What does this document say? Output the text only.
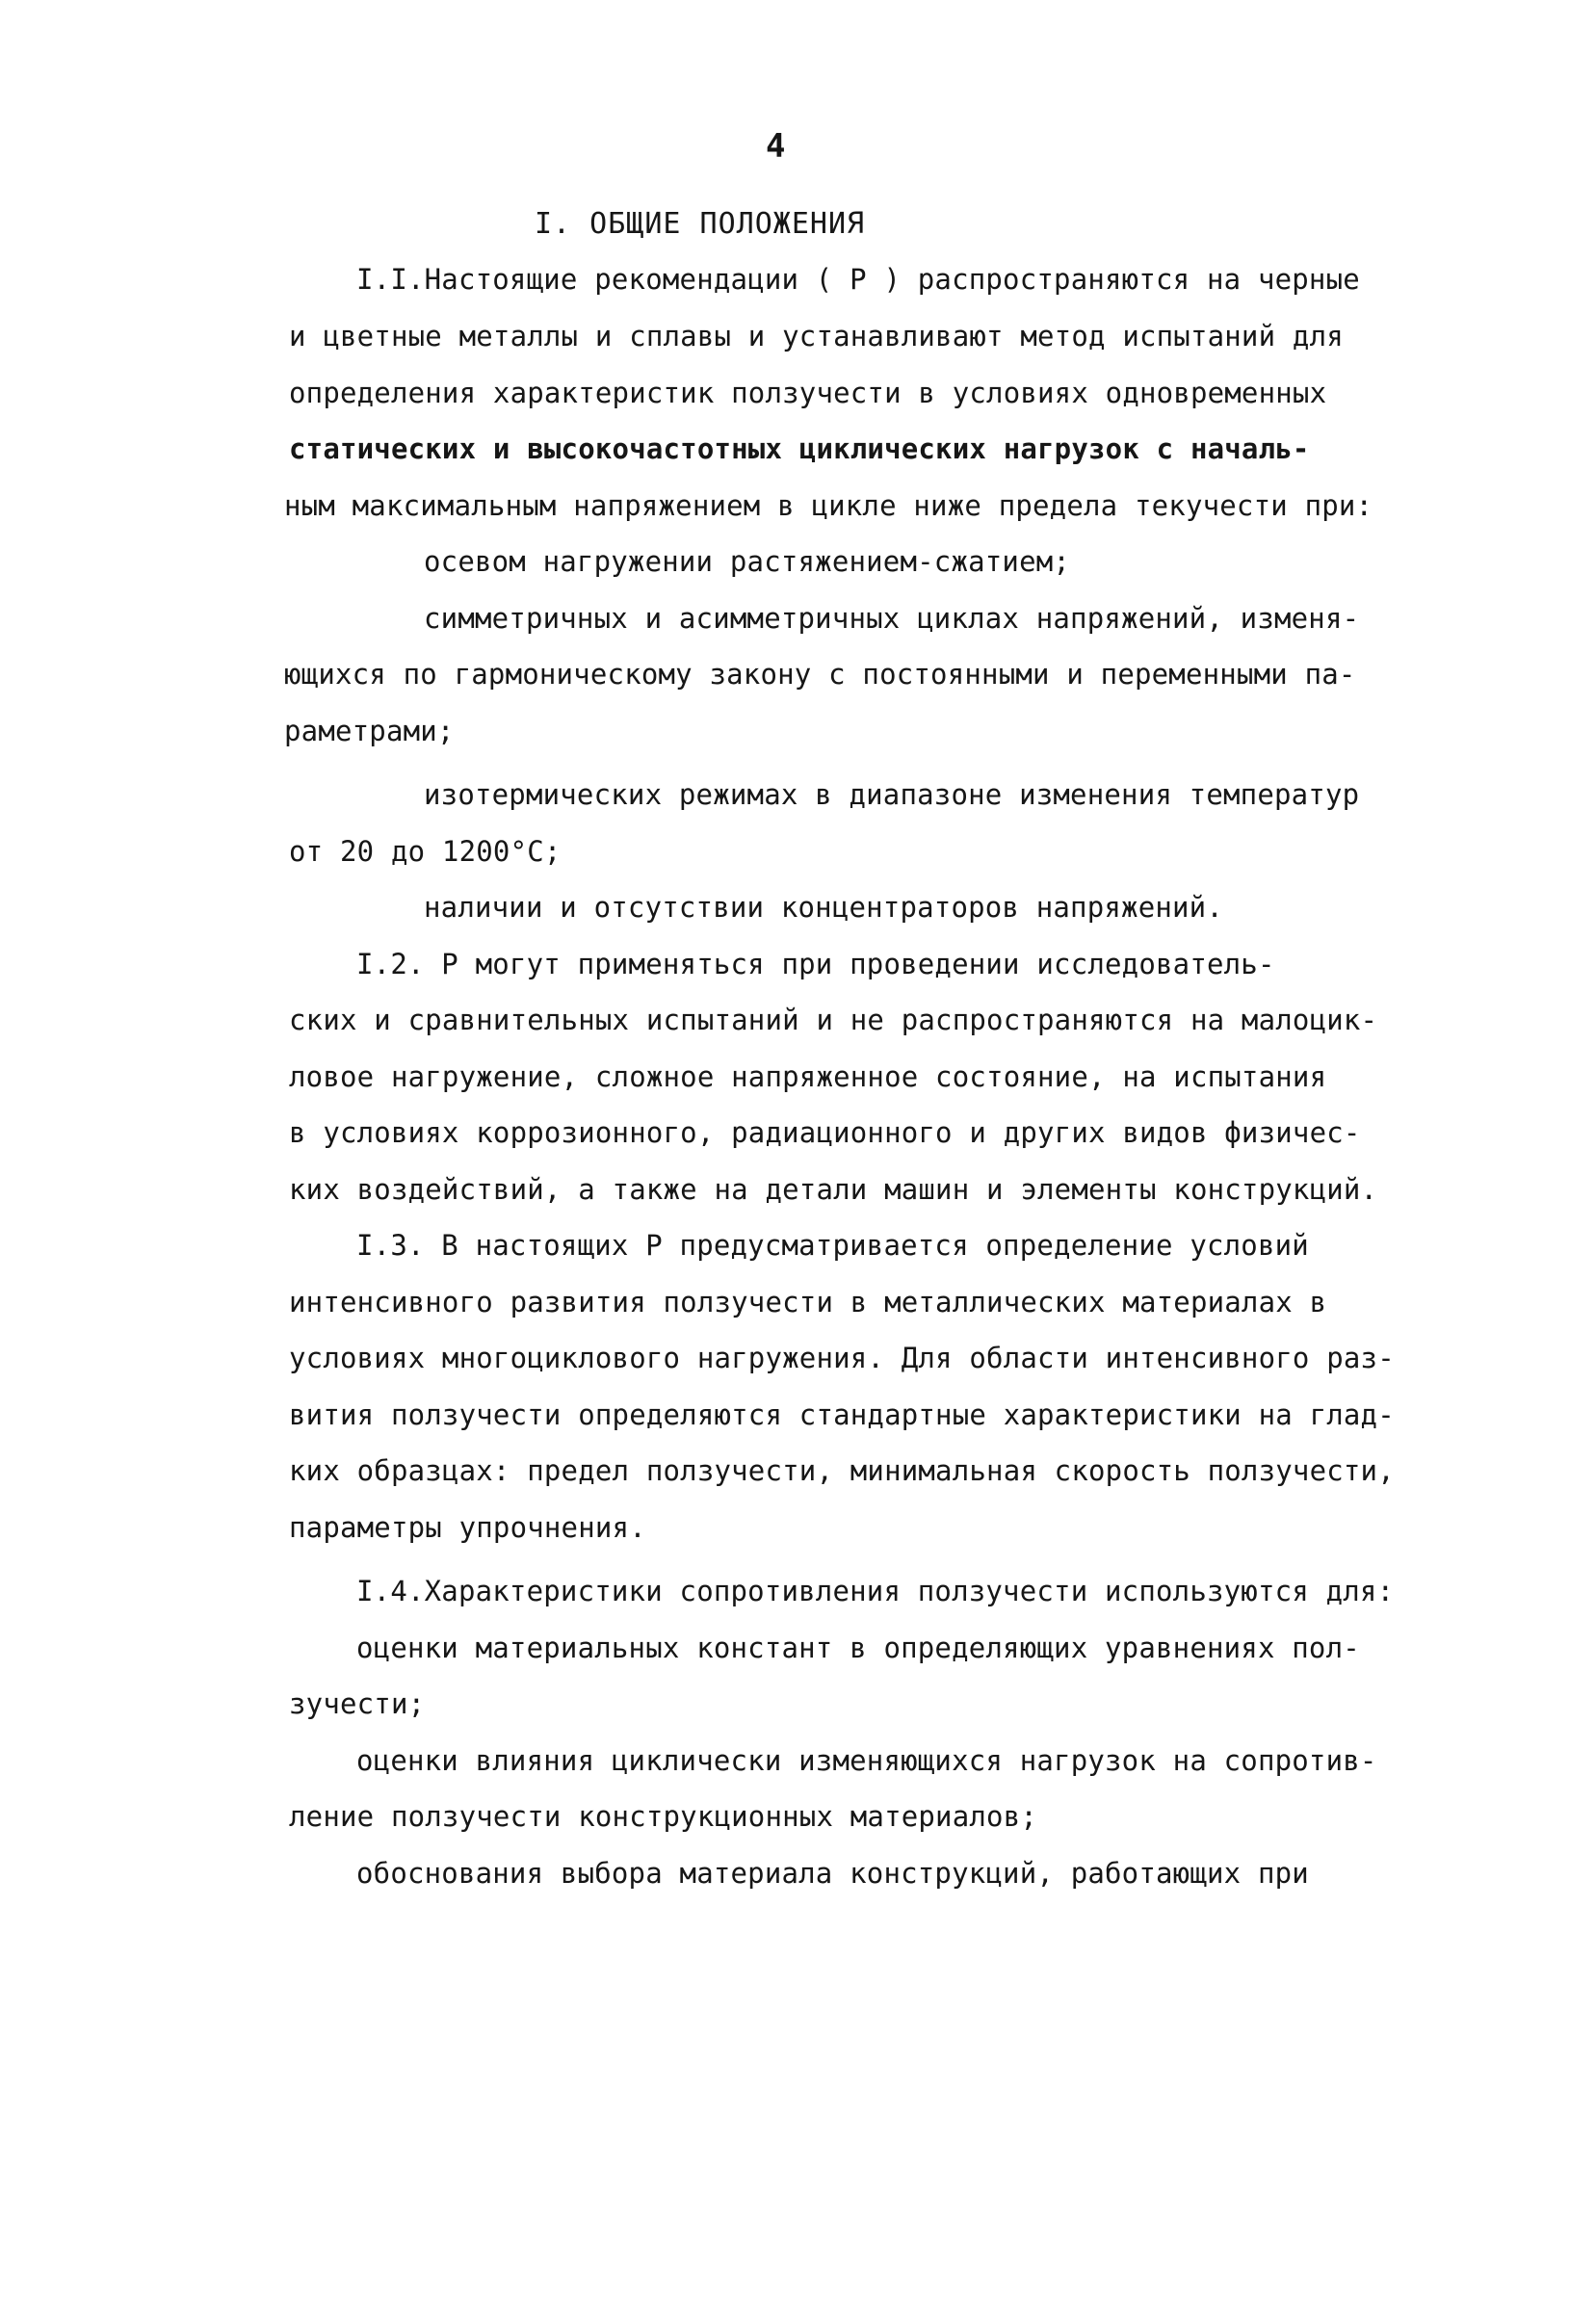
4
I. ОБЩИЕ ПОЛОЖЕНИЯ
I.I.Настоящие рекомендации ( Р ) распространяются на черные
и цветные металлы и сплавы и устанавливают метод испытаний для
определения характеристик ползучести в условиях одновременных
статических и высокочастотных циклических нагрузок с началь-
ным максимальным напряжением в цикле ниже предела текучести при:
осевом нагружении растяжением-сжатием;
симметричных и асимметричных циклах напряжений, изменя-
ющихся по гармоническому закону с постоянными и переменными па-
раметрами;
изотермических режимах в диапазоне изменения температур
от 20 до 1200°С;
наличии и отсутствии концентраторов напряжений.
I.2. Р могут применяться при проведении исследователь-
ских и сравнительных испытаний и не распространяются на малоцик-
ловое нагружение, сложное напряженное состояние, на испытания
в условиях коррозионного, радиационного и других видов физичес-
ких воздействий, а также на детали машин и элементы конструкций.
I.3. В настоящих Р предусматривается определение условий
интенсивного развития ползучести в металлических материалах в
условиях многоциклового нагружения. Для области интенсивного раз-
вития ползучести определяются стандартные характеристики на глад-
ких образцах: предел ползучести, минимальная скорость ползучести,
параметры упрочнения.
I.4.Характеристики сопротивления ползучести используются для:
оценки материальных констант в определяющих уравнениях пол-
зучести;
оценки влияния циклически изменяющихся нагрузок на сопротив-
ление ползучести конструкционных материалов;
обоснования выбора материала конструкций, работающих при
